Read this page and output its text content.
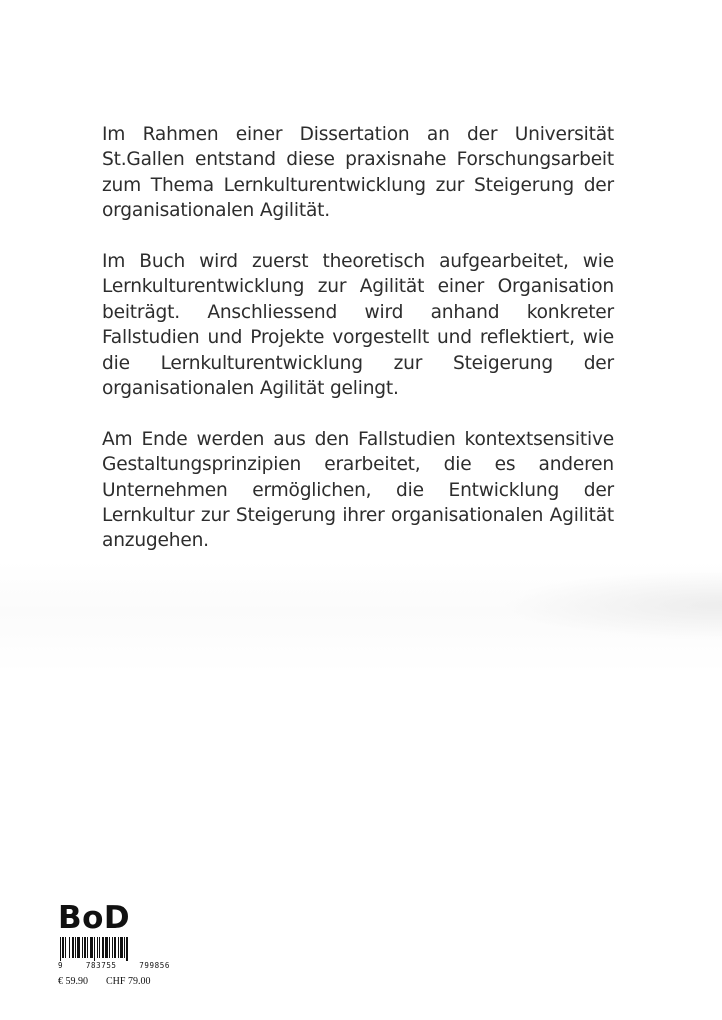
Im Rahmen einer Dissertation an der Universität St.Gallen entstand diese praxisnahe Forschungsarbeit zum Thema Lernkulturentwicklung zur Steigerung der organisationalen Agilität.

Im Buch wird zuerst theoretisch aufgearbeitet, wie Lernkulturentwicklung zur Agilität einer Organisation beiträgt. Anschliessend wird anhand konkreter Fallstudien und Projekte vorgestellt und reflektiert, wie die Lernkulturentwicklung zur Steigerung der organisationalen Agilität gelingt.

Am Ende werden aus den Fallstudien kontextsensitive Gestaltungsprinzipien erarbeitet, die es anderen Unternehmen ermöglichen, die Entwicklung der Lernkultur zur Steigerung ihrer organisationalen Agilität anzugehen.

BoD
9	783755	799856
€ 59.90 CHF 79.00
